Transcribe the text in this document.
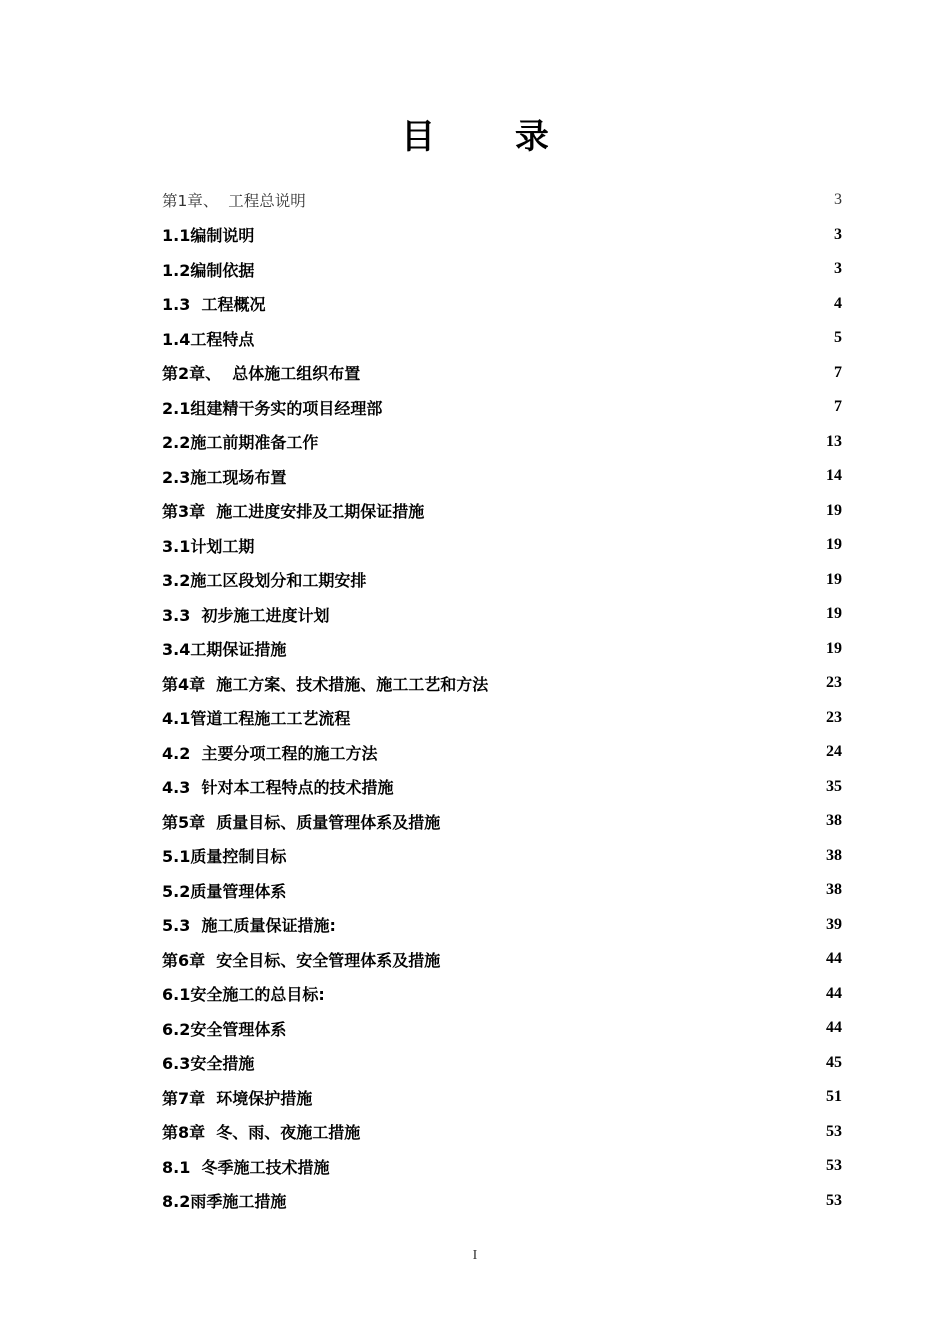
目 录
第1章、  工程总说明	3
1.1编制说明	3
1.2编制依据	3
1.3  工程概况	4
1.4工程特点	5
第2章、  总体施工组织布置	7
2.1组建精干务实的项目经理部	7
2.2施工前期准备工作	13
2.3施工现场布置	14
第3章  施工进度安排及工期保证措施	19
3.1计划工期	19
3.2施工区段划分和工期安排	19
3.3  初步施工进度计划	19
3.4工期保证措施	19
第4章  施工方案、技术措施、施工工艺和方法	23
4.1管道工程施工工艺流程	23
4.2  主要分项工程的施工方法	24
4.3  针对本工程特点的技术措施	35
第5章  质量目标、质量管理体系及措施	38
5.1质量控制目标	38
5.2质量管理体系	38
5.3  施工质量保证措施:	39
第6章  安全目标、安全管理体系及措施	44
6.1安全施工的总目标:	44
6.2安全管理体系	44
6.3安全措施	45
第7章  环境保护措施	51
第8章  冬、雨、夜施工措施	53
8.1  冬季施工技术措施	53
8.2雨季施工措施	53
I
